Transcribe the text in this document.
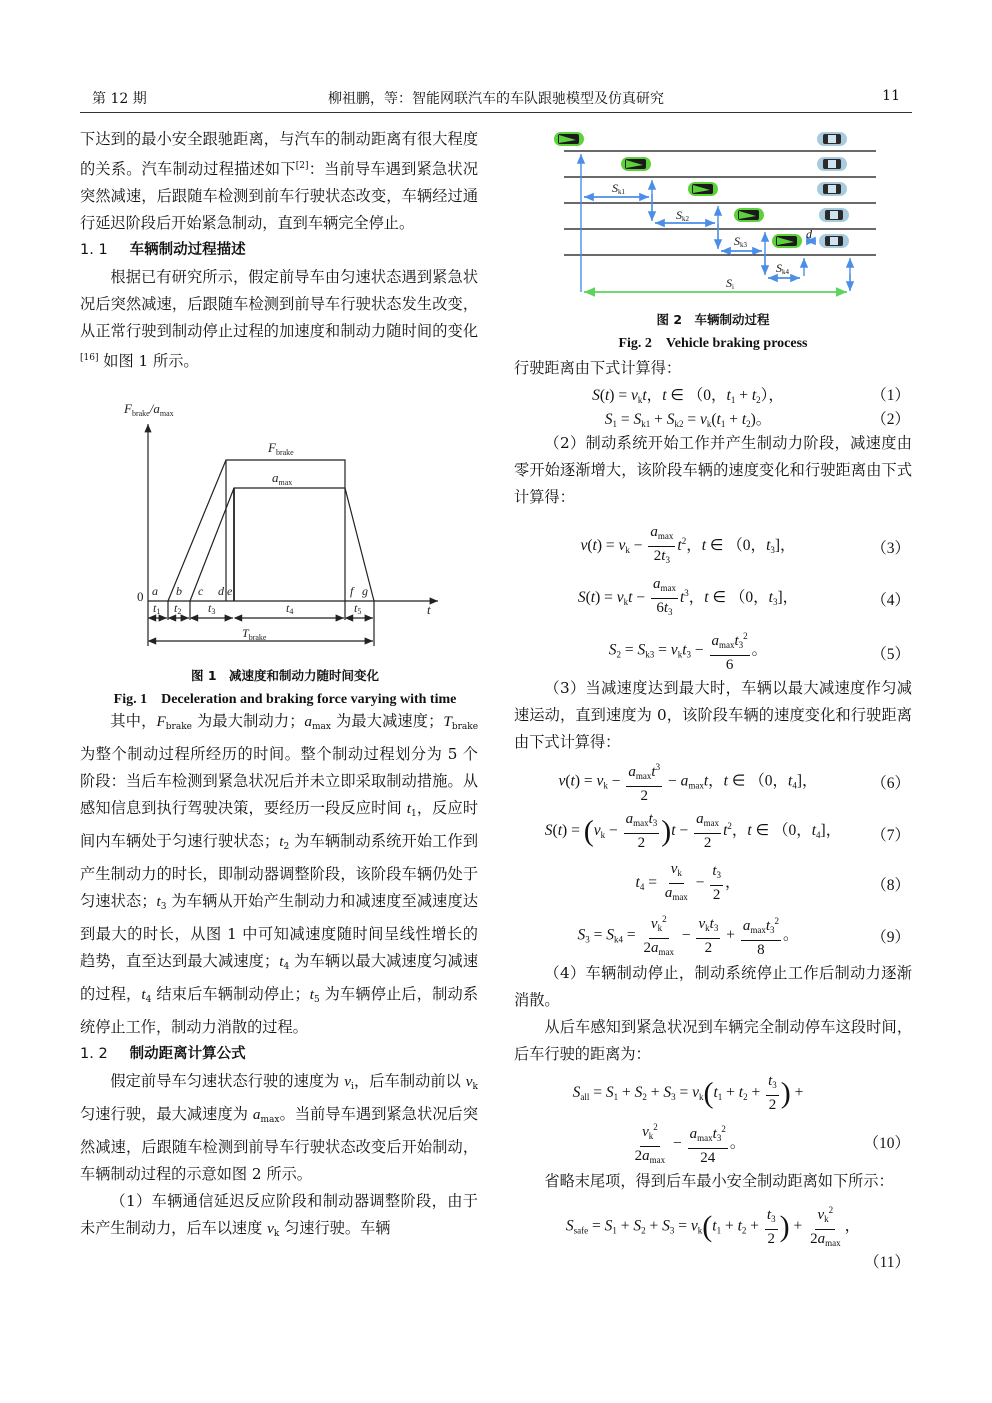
第 12 期	柳祖鹏，等：智能网联汽车的车队跟驰模型及仿真研究	11

下达到的最小安全跟驰距离，与汽车的制动距离有很大程度的关系。汽车制动过程描述如下[2]：当前导车遇到紧急状况突然减速，后跟随车检测到前车行驶状态改变，车辆经过通行延迟阶段后开始紧急制动，直到车辆完全停止。

1. 1 车辆制动过程描述

根据已有研究所示，假定前导车由匀速状态遇到紧急状况后突然减速，后跟随车检测到前导车行驶状态发生改变，从正常行驶到制动停止过程的加速度和制动力随时间的变化[16] 如图 1 所示。

$F_{brake}/a_{max}$
t
0
$F_{brake}$
$a_{max}$
a b c d e	f g
t1 t2 t3	t4	t5
$T_{brake}$
图 1　减速度和制动力随时间变化
Fig. 1　Deceleration and braking force varying with time

其中，$F_{brake}$ 为最大制动力；$a_{max}$ 为最大减速度；$T_{brake}$ 为整个制动过程所经历的时间。整个制动过程划分为 5 个阶段：当后车检测到紧急状况后并未立即采取制动措施。从感知信息到执行驾驶决策，要经历一段反应时间 $t_1$，反应时间内车辆处于匀速行驶状态；$t_2$ 为车辆制动系统开始工作到产生制动力的时长，即制动器调整阶段，该阶段车辆仍处于匀速状态；$t_3$ 为车辆从开始产生制动力和减速度至减速度达到最大的时长，从图 1 中可知减速度随时间呈线性增长的趋势，直至达到最大减速度；$t_4$ 为车辆以最大减速度匀减速的过程，$t_4$ 结束后车辆制动停止；$t_5$ 为车辆停止后，制动系统停止工作，制动力消散的过程。

1. 2 制动距离计算公式

假定前导车匀速状态行驶的速度为 $v_i$，后车制动前以 $v_k$ 匀速行驶，最大减速度为 $a_{max}$。当前导车遇到紧急状况后突然减速，后跟随车检测到前导车行驶状态改变后开始制动，车辆制动过程的示意如图 2 所示。

（1）车辆通信延迟反应阶段和制动器调整阶段，由于未产生制动力，后车以速度 $v_k$ 匀速行驶。车辆

Sk1
Sk2
Sk3
Sk4
d
Si
图 2　车辆制动过程
Fig. 2　Vehicle braking process

行驶距离由下式计算得：

$S(t) = v_kt$，t ∈ （0，$t_1 + t_2$），	（1）
$S_1 = S_{k1} + S_{k2} = v_k(t_1 + t_2)$。	（2）

（2）制动系统开始工作并产生制动力阶段，减速度由零开始逐渐增大，该阶段车辆的速度变化和行驶距离由下式计算得：

$v(t) = v_k - \frac{a_{max}}{2t_3} t^2$，t ∈ （0，$t_3$]，	（3）
$S(t) = v_kt - \frac{a_{max}}{6t_3} t^3$，t ∈ （0，$t_3$]，	（4）
$S_2 = S_{k3} = v_kt_3 - \frac{a_{max}t_3^2}{6}$ 。	（5）

（3）当减速度达到最大时，车辆以最大减速度作匀减速运动，直到速度为 0，该阶段车辆的速度变化和行驶距离由下式计算得：

$v(t) = v_k - \frac{a_{max}t^3}{2} - a_{max}t$，t ∈ （0，$t_4$]，	（6）
$S(t) = (v_k - \frac{a_{max}t_3}{2} )t - \frac{a_{max}}{2} t^2$，t ∈ （0，$t_4$]，	（7）
$t_4 = \frac{v_k}{a_{max}} - \frac{t_3}{2}$ ，	（8）
$S_3 = S_{k4} = \frac{v_k^2}{2a_{max}} - \frac{v_kt_3}{2} + \frac{a_{max}t_3^2}{8}$ 。	（9）

（4）车辆制动停止，制动系统停止工作后制动力逐渐消散。

从后车感知到紧急状况到车辆完全制动停车这段时间，后车行驶的距离为：

$S_{all} = S_1 + S_2 + S_3 = v_k(t_1 + t_2 + \frac{t_3}{2}$ ) +
$\frac{v_k^2}{2a_{max}} - \frac{a_{max}t_3^2}{24}$ 。	（10）

省略末尾项，得到后车最小安全制动距离如下所示：

$S_{safe} = S_1 + S_2 + S_3 = v_k(t_1 + t_2 + \frac{t_3}{2}$ ) + $\frac{v_k^2}{2a_{max}}$ ，
（11）
